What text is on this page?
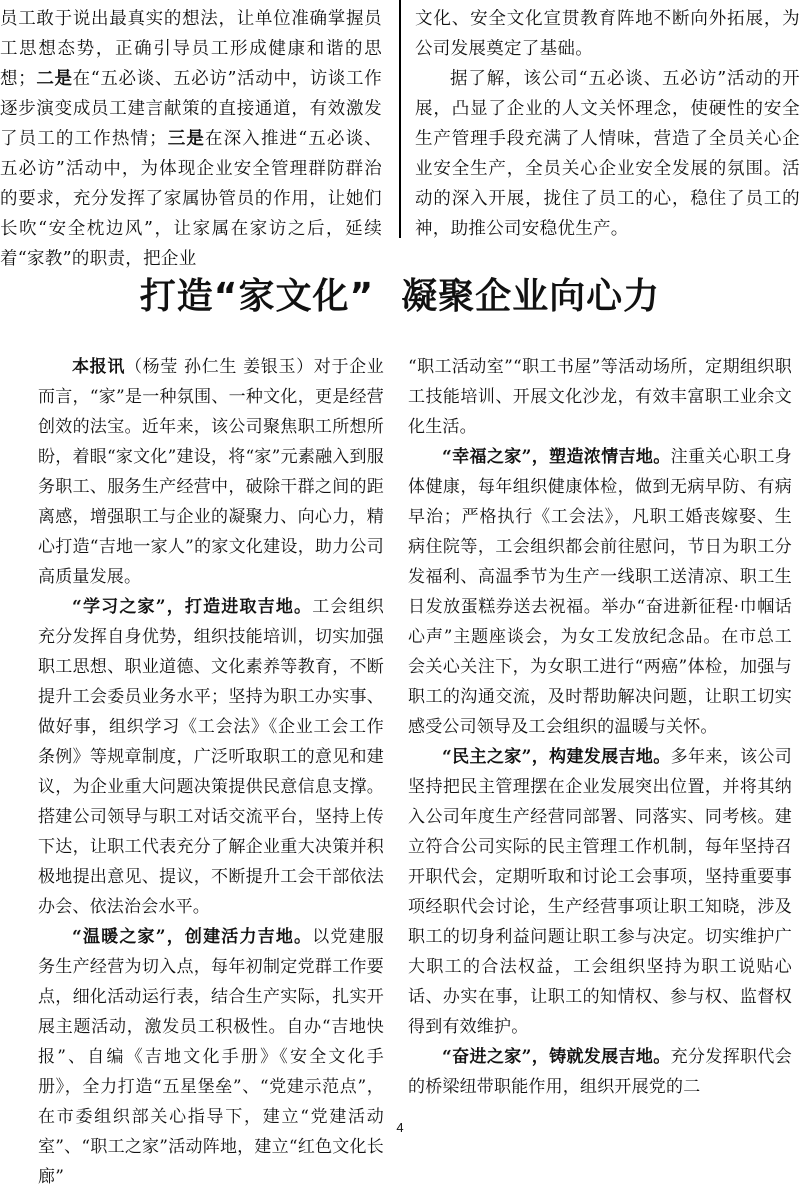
员工敢于说出最真实的想法，让单位准确掌握员工思想态势，正确引导员工形成健康和谐的思想；二是在“五必谈、五必访”活动中，访谈工作逐步演变成员工建言献策的直接通道，有效激发了员工的工作热情；三是在深入推进“五必谈、五必访”活动中，为体现企业安全管理群防群治的要求，充分发挥了家属协管员的作用，让她们长吹“安全枕边风”，让家属在家访之后，延续着“家教”的职责，把企业

文化、安全文化宣贯教育阵地不断向外拓展，为公司发展奠定了基础。

据了解，该公司“五必谈、五必访”活动的开展，凸显了企业的人文关怀理念，使硬性的安全生产管理手段充满了人情味，营造了全员关心企业安全生产，全员关心企业安全发展的氛围。活动的深入开展，拢住了员工的心，稳住了员工的神，助推公司安稳优生产。

打造“家文化”  凝聚企业向心力

本报讯（杨莹 孙仁生 姜银玉）对于企业而言，“家”是一种氛围、一种文化，更是经营创效的法宝。近年来，该公司聚焦职工所想所盼，着眼“家文化”建设，将“家”元素融入到服务职工、服务生产经营中，破除干群之间的距离感，增强职工与企业的凝聚力、向心力，精心打造“吉地一家人”的家文化建设，助力公司高质量发展。

“学习之家”，打造进取吉地。工会组织充分发挥自身优势，组织技能培训，切实加强职工思想、职业道德、文化素养等教育，不断提升工会委员业务水平；坚持为职工办实事、做好事，组织学习《工会法》《企业工会工作条例》等规章制度，广泛听取职工的意见和建议，为企业重大问题决策提供民意信息支撑。搭建公司领导与职工对话交流平台，坚持上传下达，让职工代表充分了解企业重大决策并积极地提出意见、提议，不断提升工会干部依法办会、依法治会水平。

“温暖之家”，创建活力吉地。以党建服务生产经营为切入点，每年初制定党群工作要点，细化活动运行表，结合生产实际，扎实开展主题活动，激发员工积极性。自办“吉地快报”、自编《吉地文化手册》《安全文化手册》，全力打造“五星堡垒”、“党建示范点”，在市委组织部关心指导下，建立“党建活动室”、“职工之家”活动阵地，建立“红色文化长廊”

“职工活动室”“职工书屋”等活动场所，定期组织职工技能培训、开展文化沙龙，有效丰富职工业余文化生活。

“幸福之家”，塑造浓情吉地。注重关心职工身体健康，每年组织健康体检，做到无病早防、有病早治；严格执行《工会法》，凡职工婚丧嫁娶、生病住院等，工会组织都会前往慰问，节日为职工分发福利、高温季节为生产一线职工送清凉、职工生日发放蛋糕券送去祝福。举办“奋进新征程·巾帼话心声”主题座谈会，为女工发放纪念品。在市总工会关心关注下，为女职工进行“两癌”体检，加强与职工的沟通交流，及时帮助解决问题，让职工切实感受公司领导及工会组织的温暖与关怀。

“民主之家”，构建发展吉地。多年来，该公司坚持把民主管理摆在企业发展突出位置，并将其纳入公司年度生产经营同部署、同落实、同考核。建立符合公司实际的民主管理工作机制，每年坚持召开职代会，定期听取和讨论工会事项，坚持重要事项经职代会讨论，生产经营事项让职工知晓，涉及职工的切身利益问题让职工参与决定。切实维护广大职工的合法权益，工会组织坚持为职工说贴心话、办实在事，让职工的知情权、参与权、监督权得到有效维护。

“奋进之家”，铸就发展吉地。充分发挥职代会的桥梁纽带职能作用，组织开展党的二

4
